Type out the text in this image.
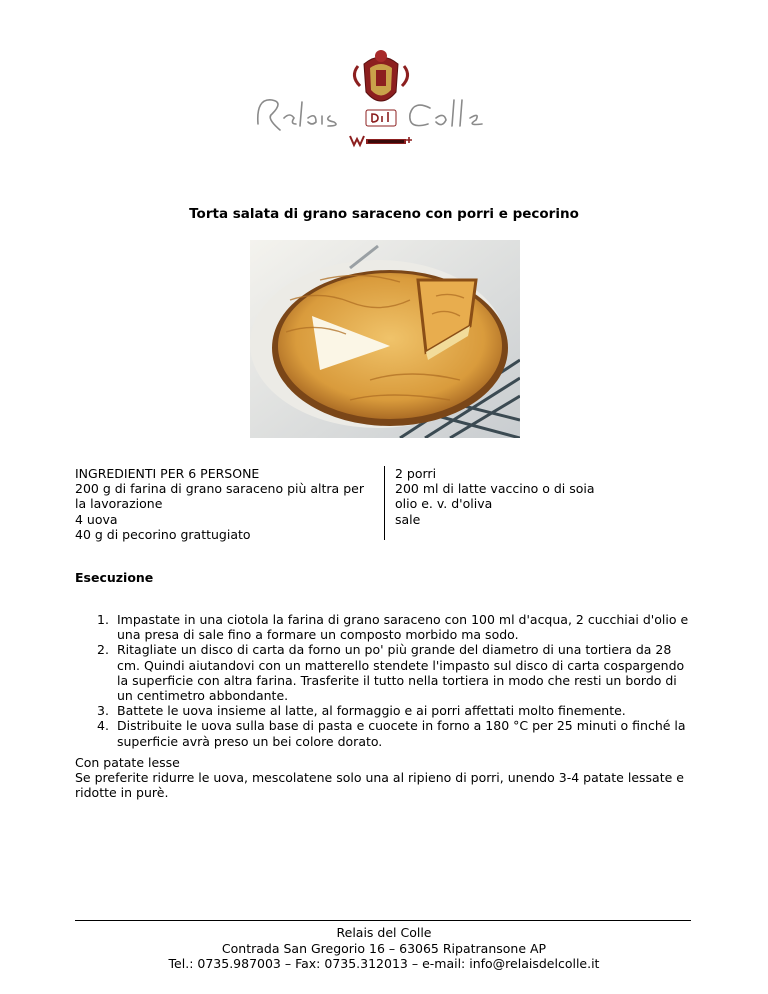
Torta salata di grano saraceno con porri e pecorino
INGREDIENTI PER 6 PERSONE
200 g di farina di grano saraceno più altra per
la lavorazione
4 uova
40 g di pecorino grattugiato
2 porri
200 ml di latte vaccino o di soia
olio e. v. d'oliva
sale
Esecuzione
1. Impastate in una ciotola la farina di grano saraceno con 100 ml d'acqua, 2 cucchiai d'olio e una presa di sale fino a formare un composto morbido ma sodo.
2. Ritagliate un disco di carta da forno un po' più grande del diametro di una tortiera da 28 cm. Quindi aiutandovi con un matterello stendete l'impasto sul disco di carta cospargendo la superficie con altra farina. Trasferite il tutto nella tortiera in modo che resti un bordo di un centimetro abbondante.
3. Battete le uova insieme al latte, al formaggio e ai porri affettati molto finemente.
4. Distribuite le uova sulla base di pasta e cuocete in forno a 180 °C per 25 minuti o finché la superficie avrà preso un bei colore dorato.
Con patate lesse
Se preferite ridurre le uova, mescolatene solo una al ripieno di porri, unendo 3-4 patate lessate e ridotte in purè.
Relais del Colle
Contrada San Gregorio 16 – 63065 Ripatransone AP
Tel.: 0735.987003 – Fax: 0735.312013 – e-mail: info@relaisdelcolle.it
